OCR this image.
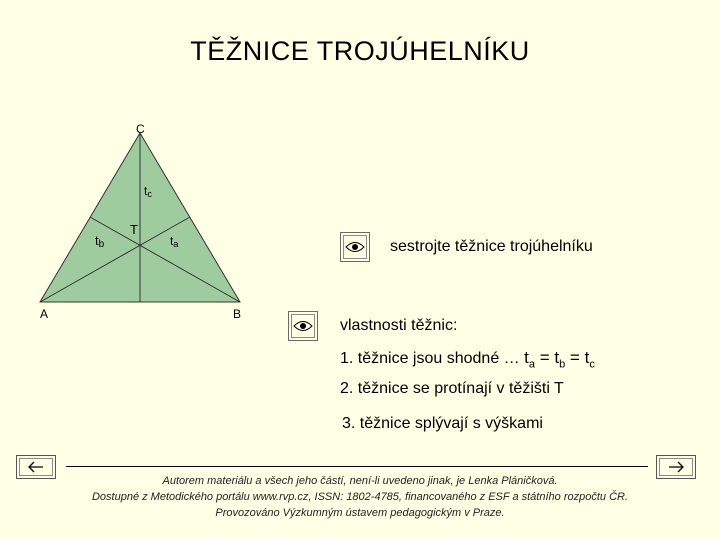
TĚŽNICE TROJÚHELNÍKU
C
A	B
T
tc
tb	ta	sestrojte těžnice trojúhelníku
vlastnosti těžnic:
1. těžnice jsou shodné … $t_a = t_b = t_c$
2. těžnice se protínají v těžišti T
3. těžnice splývají s výškami
Autorem materiálu a všech jeho částí, není-li uvedeno jinak, je Lenka Pláničková.
Dostupné z Metodického portálu www.rvp.cz, ISSN: 1802-4785, financovaného z ESF a státního rozpočtu ČR.
Provozováno Výzkumným ústavem pedagogickým v Praze.
